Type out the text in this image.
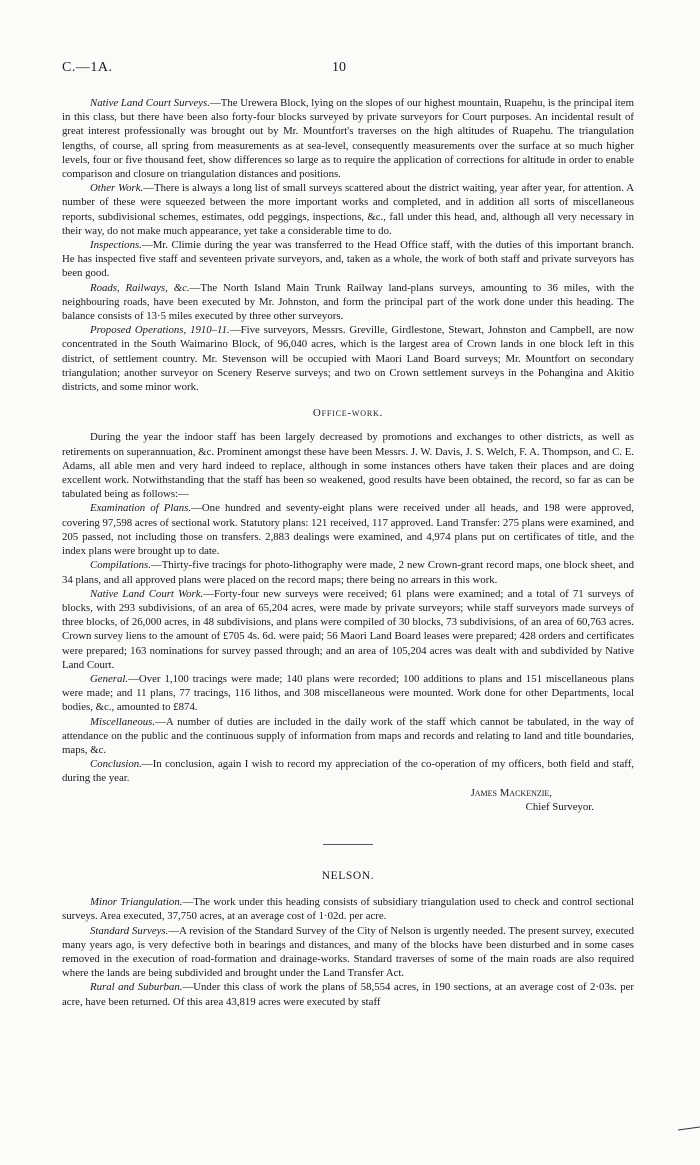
C.—1A.	10

Native Land Court Surveys.—The Urewera Block, lying on the slopes of our highest mountain, Ruapehu, is the principal item in this class, but there have been also forty-four blocks surveyed by private surveyors for Court purposes. An incidental result of great interest professionally was brought out by Mr. Mountfort's traverses on the high altitudes of Ruapehu. The triangulation lengths, of course, all spring from measurements as at sea-level, consequently measurements over the surface at so much higher levels, four or five thousand feet, show differences so large as to require the application of corrections for altitude in order to enable comparison and closure on triangulation distances and positions.

Other Work.—There is always a long list of small surveys scattered about the district waiting, year after year, for attention. A number of these were squeezed between the more important works and completed, and in addition all sorts of miscellaneous reports, subdivisional schemes, estimates, odd peggings, inspections, &c., fall under this head, and, although all very necessary in their way, do not make much appearance, yet take a considerable time to do.

Inspections.—Mr. Climie during the year was transferred to the Head Office staff, with the duties of this important branch. He has inspected five staff and seventeen private surveyors, and, taken as a whole, the work of both staff and private surveyors has been good.

Roads, Railways, &c.—The North Island Main Trunk Railway land-plans surveys, amounting to 36 miles, with the neighbouring roads, have been executed by Mr. Johnston, and form the principal part of the work done under this heading. The balance consists of 13·5 miles executed by three other surveyors.

Proposed Operations, 1910–11.—Five surveyors, Messrs. Greville, Girdlestone, Stewart, Johnston and Campbell, are now concentrated in the South Waimarino Block, of 96,040 acres, which is the largest area of Crown lands in one block left in this district, of settlement country. Mr. Stevenson will be occupied with Maori Land Board surveys; Mr. Mountfort on secondary triangulation; another surveyor on Scenery Reserve surveys; and two on Crown settlement surveys in the Pohangina and Akitio districts, and some minor work.

Office-work.

During the year the indoor staff has been largely decreased by promotions and exchanges to other districts, as well as retirements on superannuation, &c. Prominent amongst these have been Messrs. J. W. Davis, J. S. Welch, F. A. Thompson, and C. E. Adams, all able men and very hard indeed to replace, although in some instances others have taken their places and are doing excellent work. Notwithstanding that the staff has been so weakened, good results have been obtained, the record, so far as can be tabulated being as follows:—

Examination of Plans.—One hundred and seventy-eight plans were received under all heads, and 198 were approved, covering 97,598 acres of sectional work. Statutory plans: 121 received, 117 approved. Land Transfer: 275 plans were examined, and 205 passed, not including those on transfers. 2,883 dealings were examined, and 4,974 plans put on certificates of title, and the index plans were brought up to date.

Compilations.—Thirty-five tracings for photo-lithography were made, 2 new Crown-grant record maps, one block sheet, and 34 plans, and all approved plans were placed on the record maps; there being no arrears in this work.

Native Land Court Work.—Forty-four new surveys were received; 61 plans were examined; and a total of 71 surveys of blocks, with 293 subdivisions, of an area of 65,204 acres, were made by private surveyors; while staff surveyors made surveys of three blocks, of 26,000 acres, in 48 subdivisions, and plans were compiled of 30 blocks, 73 subdivisions, of an area of 60,763 acres. Crown survey liens to the amount of £705 4s. 6d. were paid; 56 Maori Land Board leases were prepared; 428 orders and certificates were prepared; 163 nominations for survey passed through; and an area of 105,204 acres was dealt with and subdivided by Native Land Court.

General.—Over 1,100 tracings were made; 140 plans were recorded; 100 additions to plans and 151 miscellaneous plans were made; and 11 plans, 77 tracings, 116 lithos, and 308 miscellaneous were mounted. Work done for other Departments, local bodies, &c., amounted to £874.

Miscellaneous.—A number of duties are included in the daily work of the staff which cannot be tabulated, in the way of attendance on the public and the continuous supply of information from maps and records and relating to land and title boundaries, maps, &c.

Conclusion.—In conclusion, again I wish to record my appreciation of the co-operation of my officers, both field and staff, during the year.

James Mackenzie,
Chief Surveyor.
NELSON.

Minor Triangulation.—The work under this heading consists of subsidiary triangulation used to check and control sectional surveys. Area executed, 37,750 acres, at an average cost of 1·02d. per acre.

Standard Surveys.—A revision of the Standard Survey of the City of Nelson is urgently needed. The present survey, executed many years ago, is very defective both in bearings and distances, and many of the blocks have been disturbed and in some cases removed in the execution of road-formation and drainage-works. Standard traverses of some of the main roads are also required where the lands are being subdivided and brought under the Land Transfer Act.

Rural and Suburban.—Under this class of work the plans of 58,554 acres, in 190 sections, at an average cost of 2·03s. per acre, have been returned. Of this area 43,819 acres were executed by staff
